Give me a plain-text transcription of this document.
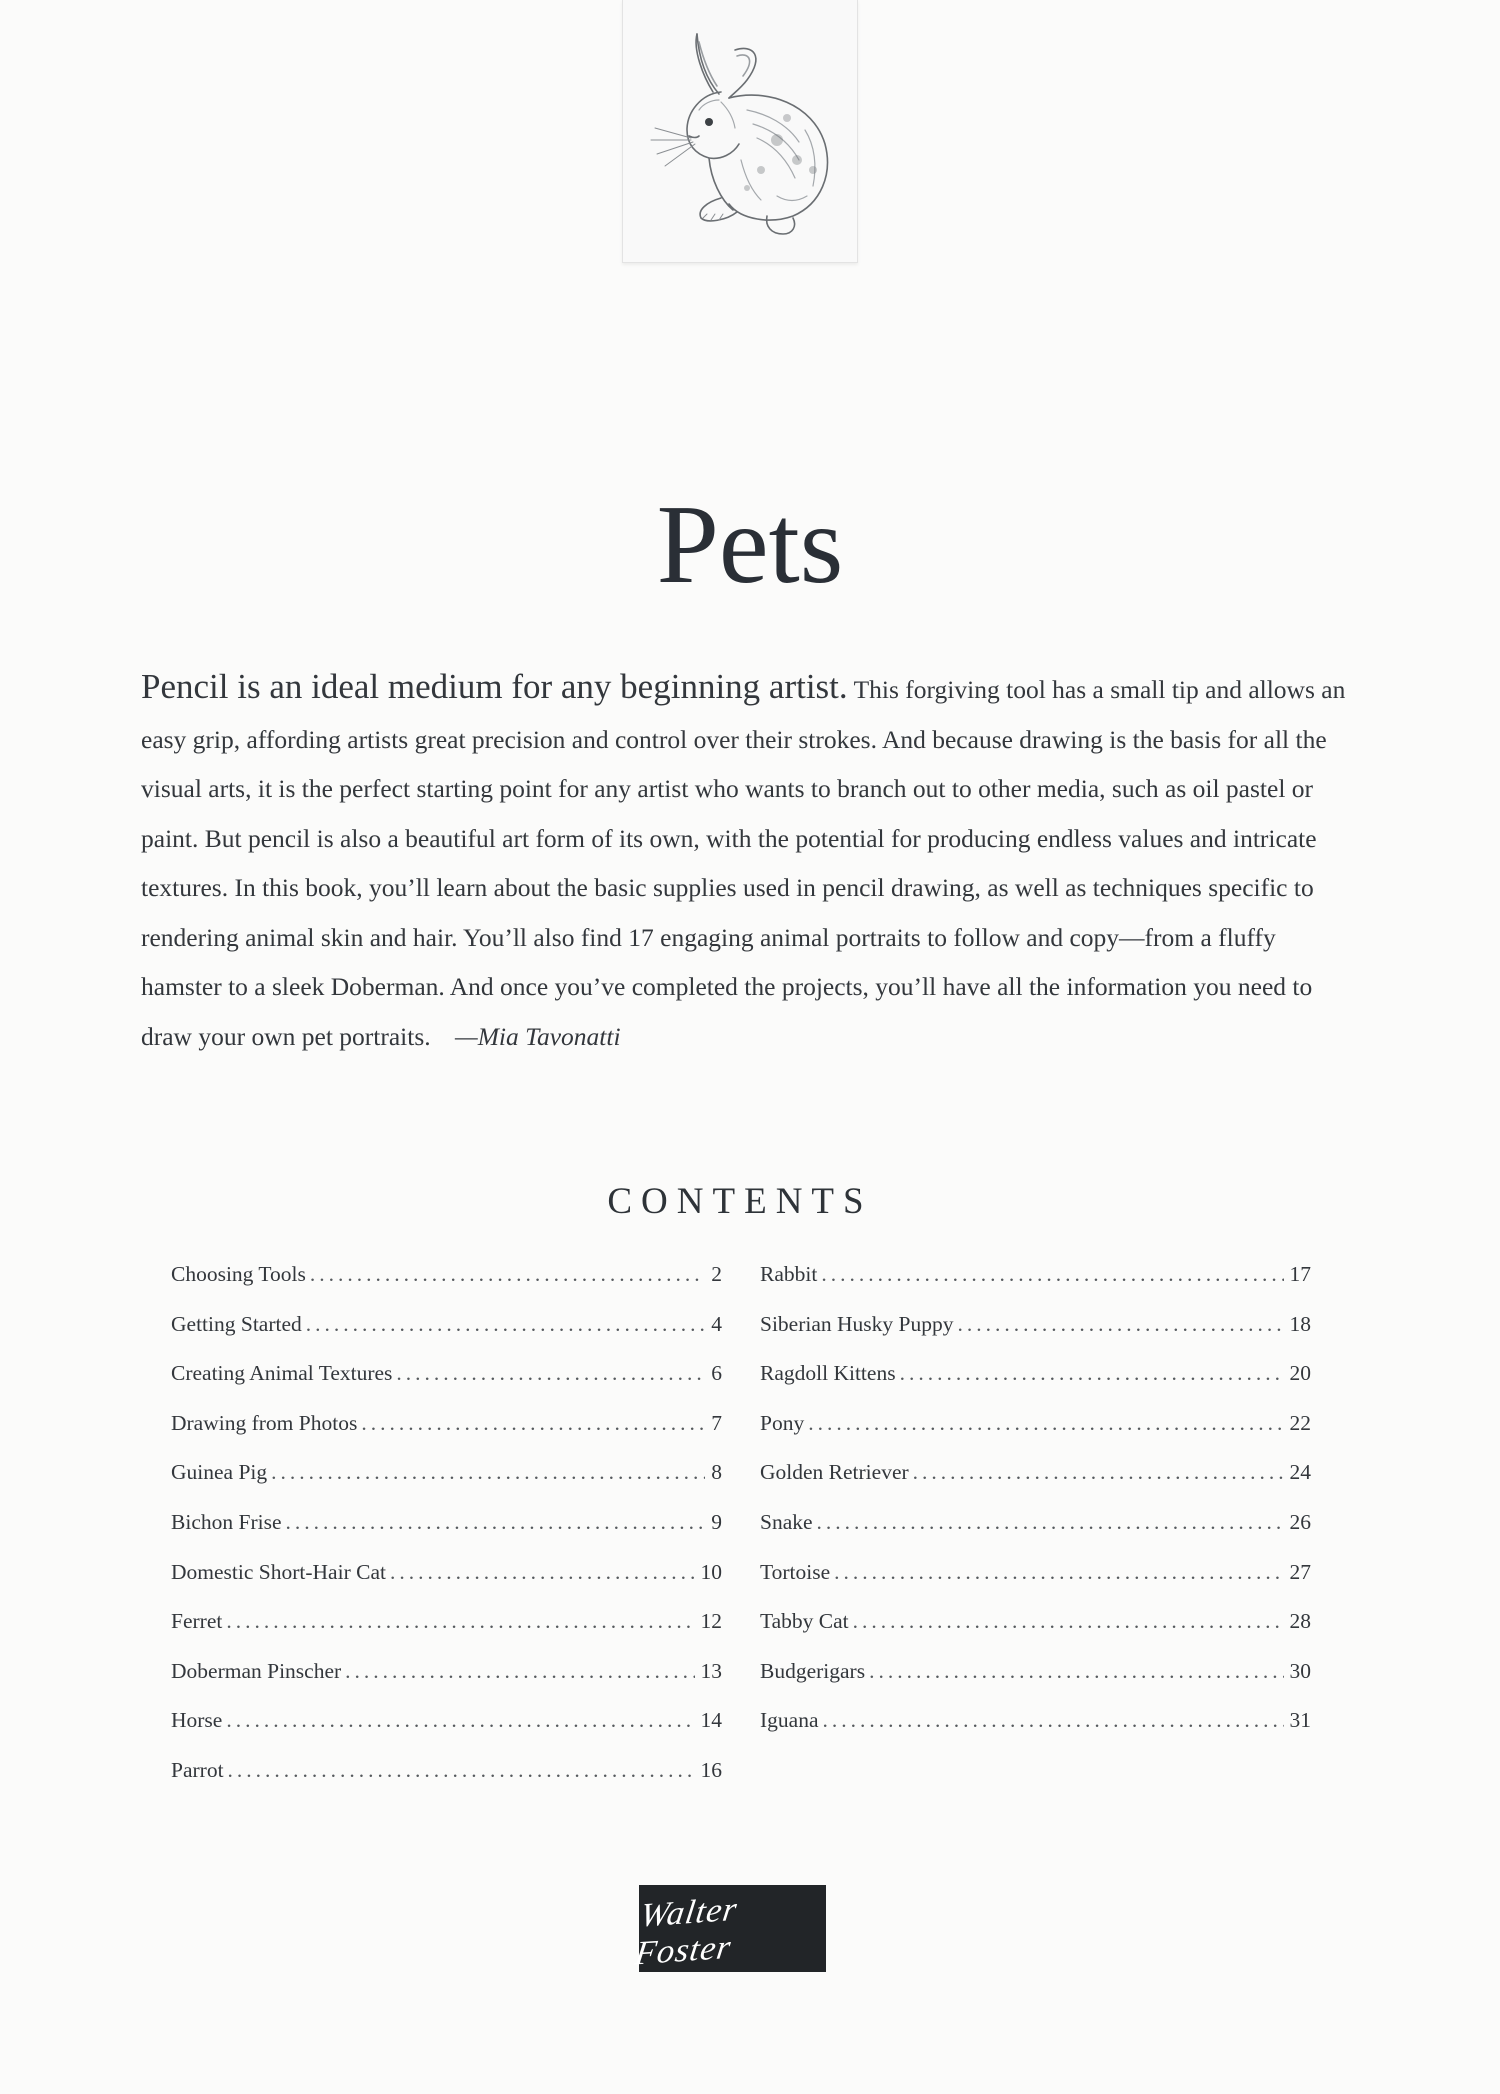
Pets
Pencil is an ideal medium for any beginning artist. This forgiving tool has a small tip and allows an easy grip, affording artists great precision and control over their strokes. And because drawing is the basis for all the visual arts, it is the perfect starting point for any artist who wants to branch out to other media, such as oil pastel or paint. But pencil is also a beautiful art form of its own, with the potential for producing endless values and intricate textures. In this book, you’ll learn about the basic supplies used in pencil drawing, as well as techniques specific to rendering animal skin and hair. You’ll also find 17 engaging animal portraits to follow and copy—from a fluffy hamster to a sleek Doberman. And once you’ve completed the projects, you’ll have all the information you need to draw your own pet portraits. —Mia Tavonatti
CONTENTS
Choosing Tools .....	2
Getting Started .....	4
Creating Animal Textures .....	6
Drawing from Photos .....	7
Guinea Pig .....	8
Bichon Frise .....	9
Domestic Short-Hair Cat .....	10
Ferret .....	12
Doberman Pinscher .....	13
Horse .....	14
Parrot .....	16
Rabbit .....	17
Siberian Husky Puppy .....	18
Ragdoll Kittens .....	20
Pony .....	22
Golden Retriever .....	24
Snake .....	26
Tortoise .....	27
Tabby Cat .....	28
Budgerigars .....	30
Iguana .....	31
Walter Foster
